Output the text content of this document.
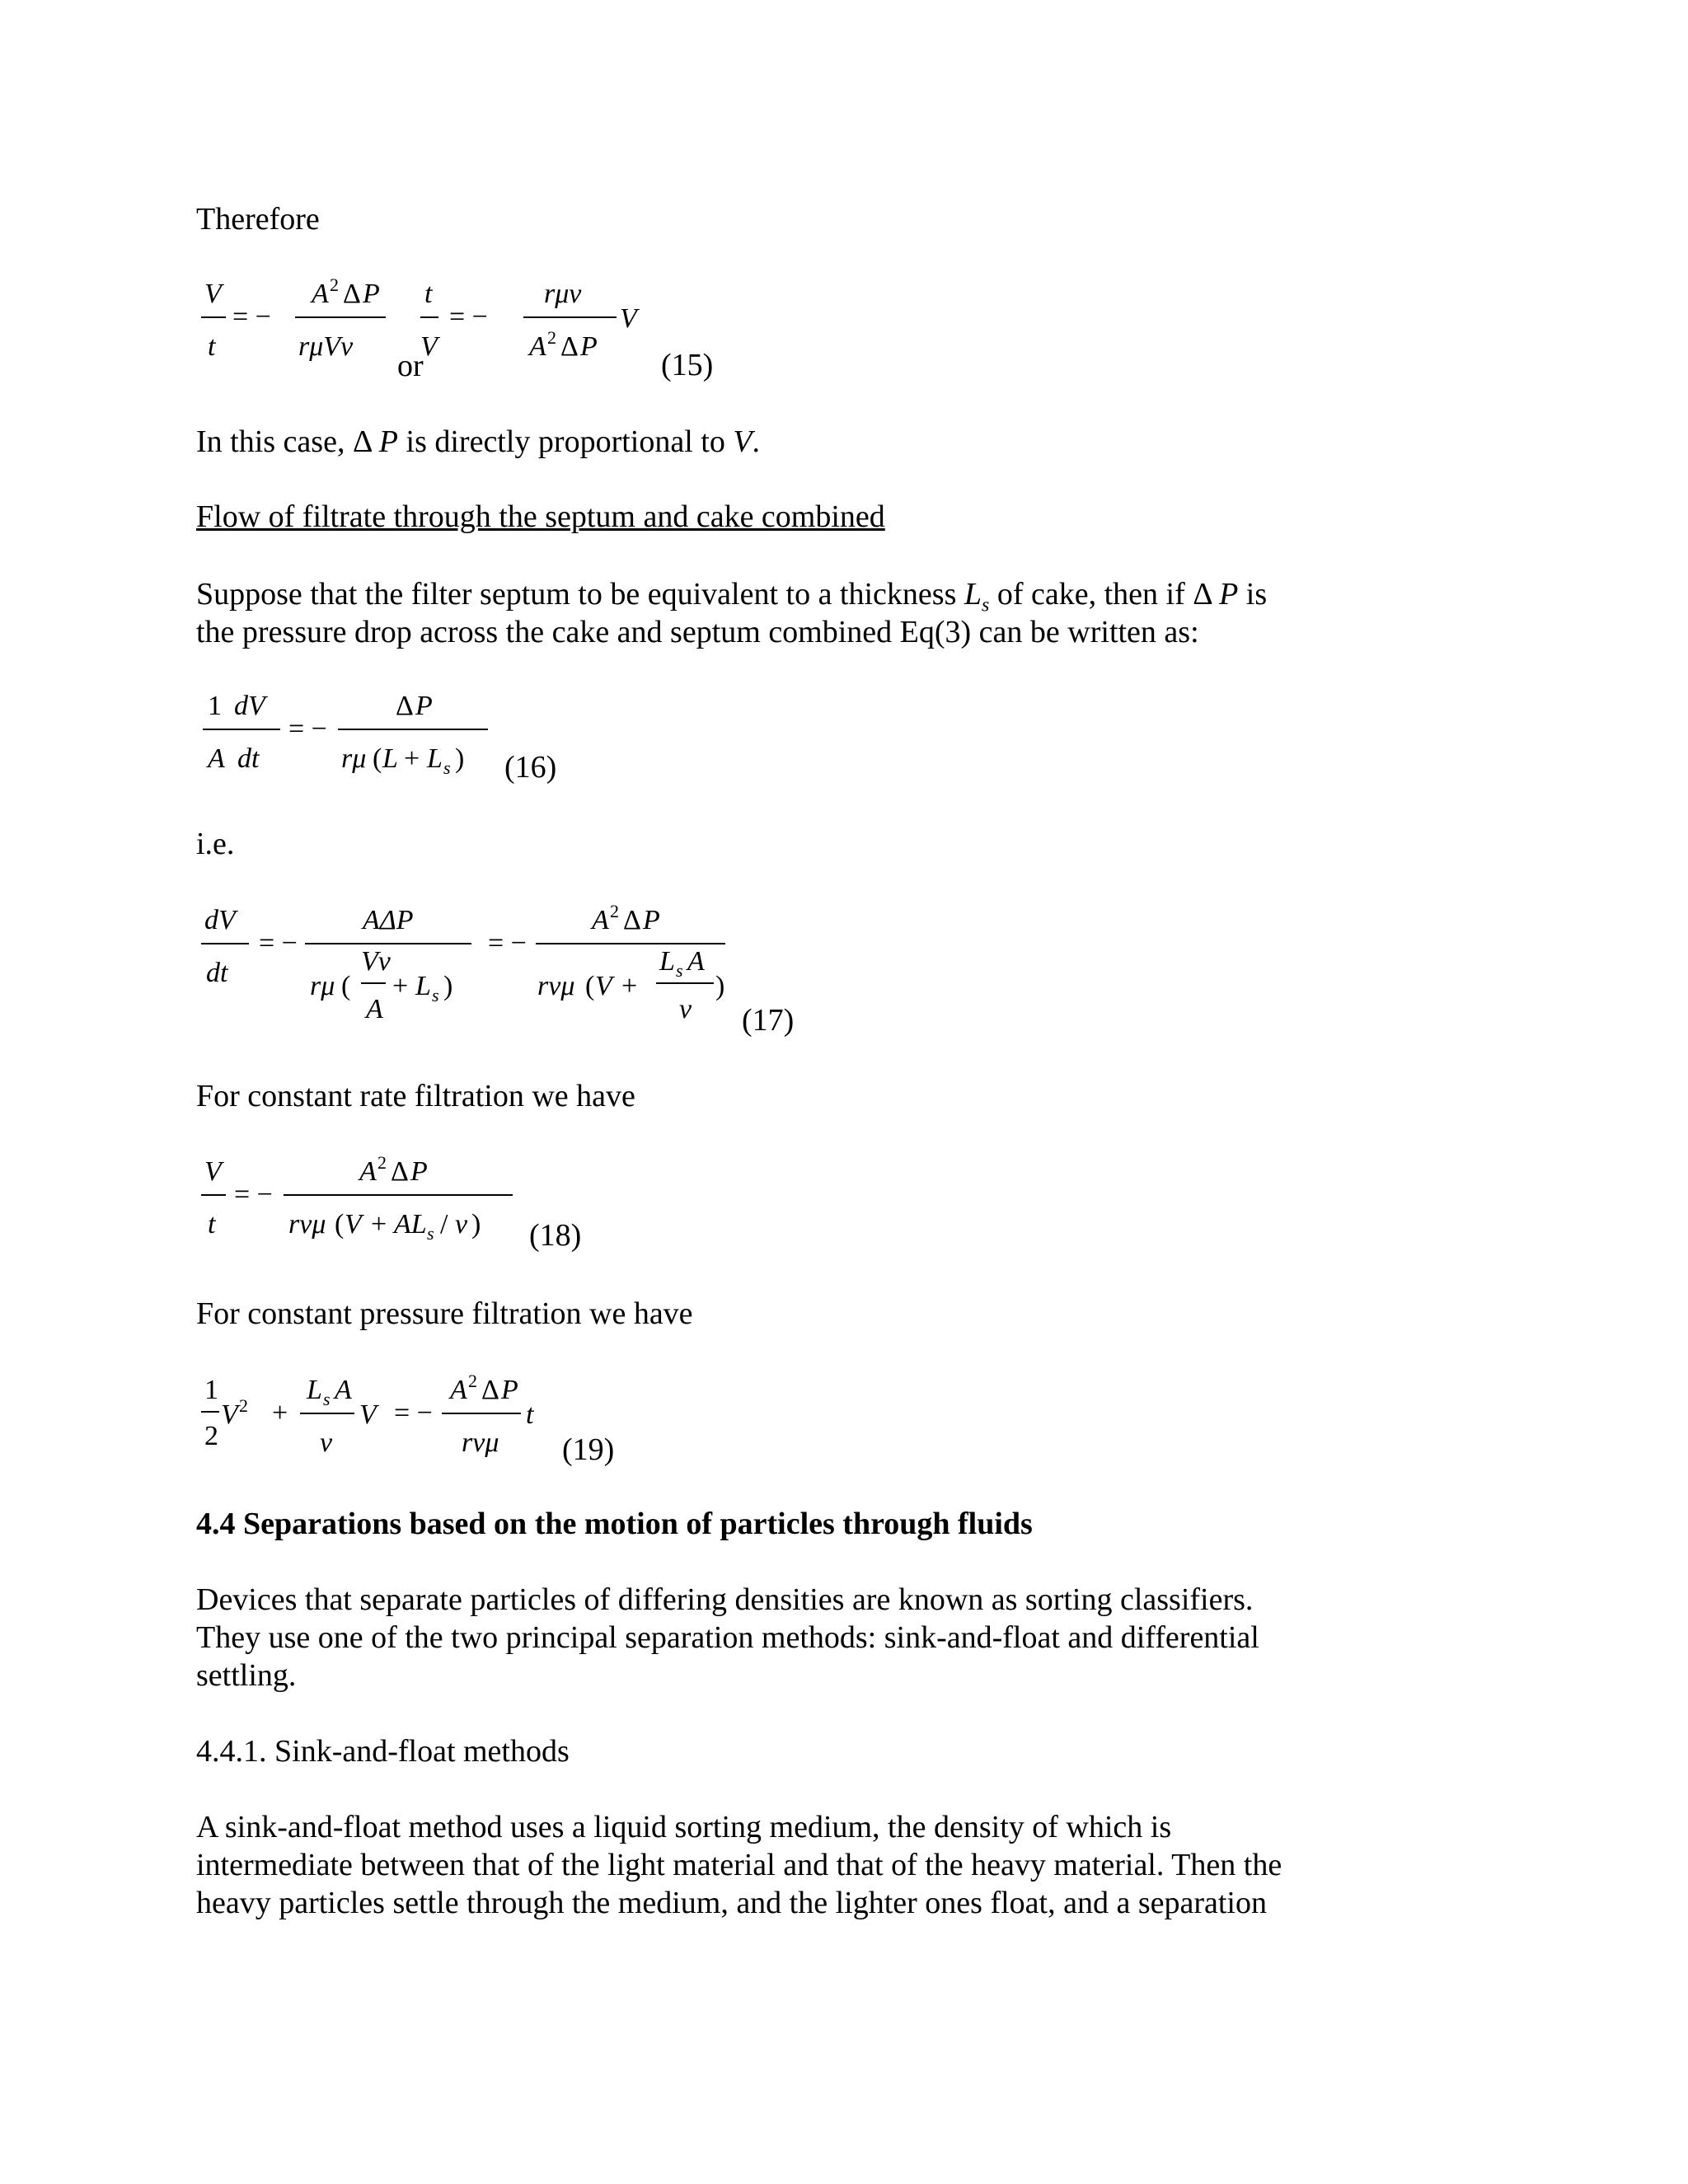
Therefore
V
t
= −
A 2 Δ P
rμVv
t
V
= −
rμv
A 2 Δ P
V
or	(15)
In this case, Δ P is directly proportional to V.
Flow of filtrate through the septum and cake combined
Suppose that the filter septum to be equivalent to a thickness $L_s$ of cake, then if Δ P is
the pressure drop across the cake and septum combined Eq(3) can be written as:
1 dV
A dt
= −
Δ P
rμ ( L + L s ) (16)
i.e.
dV
dt
= −
AΔP
Vv
rμ ( + L s )
A
= −
A 2 Δ P
L s A
rvμ ( V +	)
v (17)
For constant rate filtration we have
V
t
= −
A 2 Δ P
rvμ ( V + AL s / v ) (18)
For constant pressure filtration we have
1
2
V 2 +
L s A
v
V = −
A 2 Δ P
rvμ
t
(19)
4.4 Separations based on the motion of particles through fluids
Devices that separate particles of differing densities are known as sorting classifiers.
They use one of the two principal separation methods: sink-and-float and differential
settling.
4.4.1. Sink-and-float methods
A sink-and-float method uses a liquid sorting medium, the density of which is
intermediate between that of the light material and that of the heavy material. Then the
heavy particles settle through the medium, and the lighter ones float, and a separation
